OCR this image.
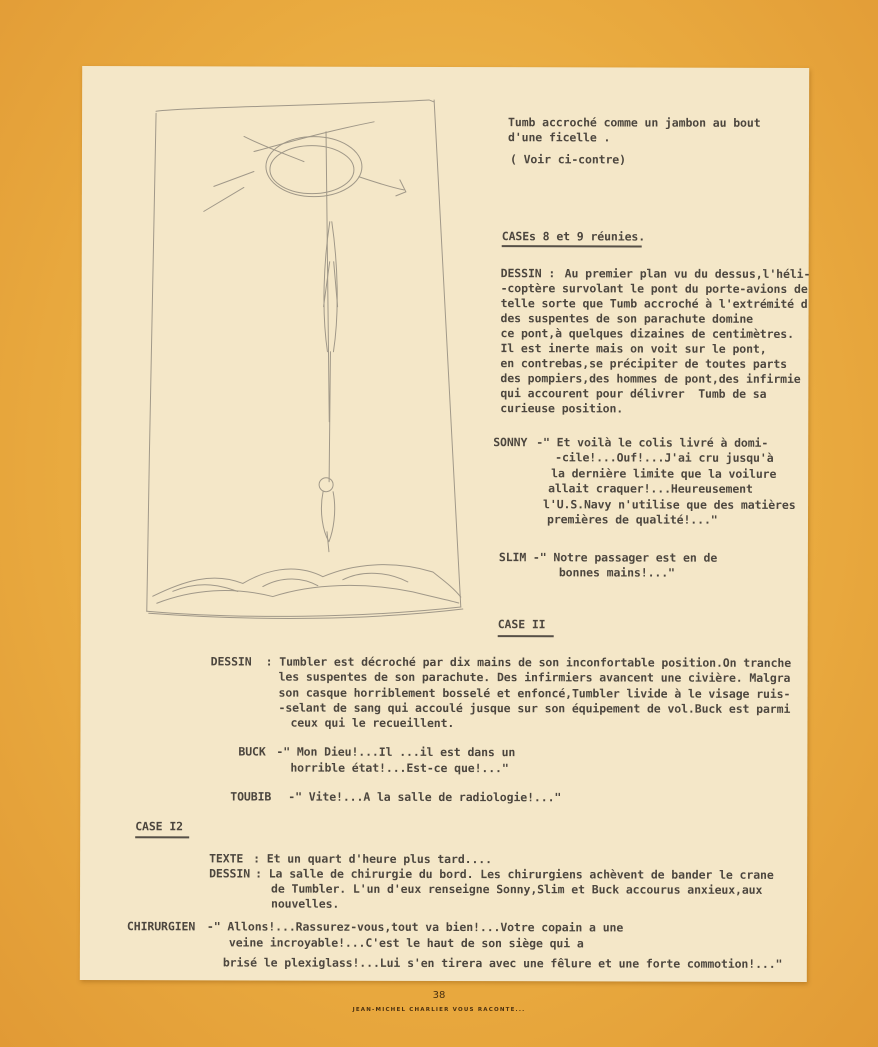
Tumb accroché comme un jambon au bout
d'une ficelle .
( Voir ci-contre)
CASEs 8 et 9 réunies.
DESSIN : Au premier plan vu du dessus,l'héli-
-coptère survolant le pont du porte-avions de
telle sorte que Tumb accroché à l'extrémité d
des suspentes de son parachute domine
ce pont,à quelques dizaines de centimètres.
Il est inerte mais on voit sur le pont,
en contrebas,se précipiter de toutes parts
des pompiers,des hommes de pont,des infirmie
qui accourent pour délivrer  Tumb de sa
curieuse position.
SONNY -" Et voilà le colis livré à domi-
-cile!...Ouf!...J'ai cru jusqu'à
la dernière limite que la voilure
allait craquer!...Heureusement
l'U.S.Navy n'utilise que des matières
premières de qualité!..."
SLIM -" Notre passager est en de
bonnes mains!..."
CASE II
DESSIN : Tumbler est décroché par dix mains de son inconfortable position.On tranche
les suspentes de son parachute. Des infirmiers avancent une civière. Malgra
son casque horriblement bosselé et enfoncé,Tumbler livide à le visage ruis-
-selant de sang qui accoulé jusque sur son équipement de vol.Buck est parmi
ceux qui le recueillent.
BUCK -" Mon Dieu!...Il ...il est dans un
horrible état!...Est-ce que!..."
TOUBIB -" Vite!...A la salle de radiologie!..."
CASE I2
TEXTE : Et un quart d'heure plus tard....
DESSIN : La salle de chirurgie du bord. Les chirurgiens achèvent de bander le crane
de Tumbler. L'un d'eux renseigne Sonny,Slim et Buck accourus anxieux,aux
nouvelles.
CHIRURGIEN -" Allons!...Rassurez-vous,tout va bien!...Votre copain a une
veine incroyable!...C'est le haut de son siège qui a
brisé le plexiglass!...Lui s'en tirera avec une fêlure et une forte commotion!..."
38
JEAN-MICHEL CHARLIER VOUS RACONTE...
